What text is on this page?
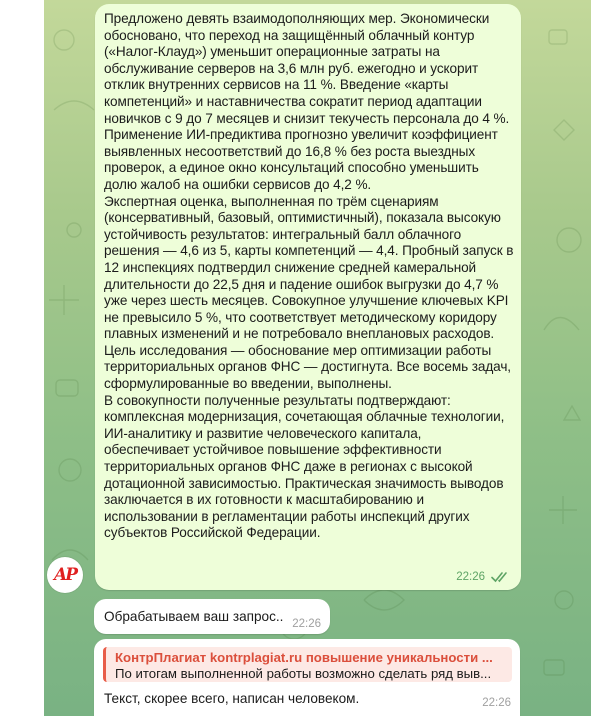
Предложено девять взаимодополняющих мер. Экономически
обосновано, что переход на защищённый облачный контур
(«Налог-Клауд») уменьшит операционные затраты на
обслуживание серверов на 3,6 млн руб. ежегодно и ускорит
отклик внутренних сервисов на 11 %. Введение «карты
компетенций» и наставничества сократит период адаптации
новичков с 9 до 7 месяцев и снизит текучесть персонала до 4 %.
Применение ИИ-предиктива прогнозно увеличит коэффициент
выявленных несоответствий до 16,8 % без роста выездных
проверок, а единое окно консультаций способно уменьшить
долю жалоб на ошибки сервисов до 4,2 %.
Экспертная оценка, выполненная по трём сценариям
(консервативный, базовый, оптимистичный), показала высокую
устойчивость результатов: интегральный балл облачного
решения — 4,6 из 5, карты компетенций — 4,4. Пробный запуск в
12 инспекциях подтвердил снижение средней камеральной
длительности до 22,5 дня и падение ошибок выгрузки до 4,7 %
уже через шесть месяцев. Совокупное улучшение ключевых KPI
не превысило 5 %, что соответствует методическому коридору
плавных изменений и не потребовало внеплановых расходов.
Цель исследования — обоснование мер оптимизации работы
территориальных органов ФНС — достигнута. Все восемь задач,
сформулированные во введении, выполнены.
В совокупности полученные результаты подтверждают:
комплексная модернизация, сочетающая облачные технологии,
ИИ-аналитику и развитие человеческого капитала,
обеспечивает устойчивое повышение эффективности
территориальных органов ФНС даже в регионах с высокой
дотационной зависимостью. Практическая значимость выводов
заключается в их готовности к масштабированию и
использовании в регламентации работы инспекций других
субъектов Российской Федерации.
22:26
AP
Обрабатываем ваш запрос.. 22:26
КонтрПлагиат kontrplagiat.ru повышение уникальности ...
По итогам выполненной работы возможно сделать ряд выв...
Текст, скорее всего, написан человеком.	22:26
